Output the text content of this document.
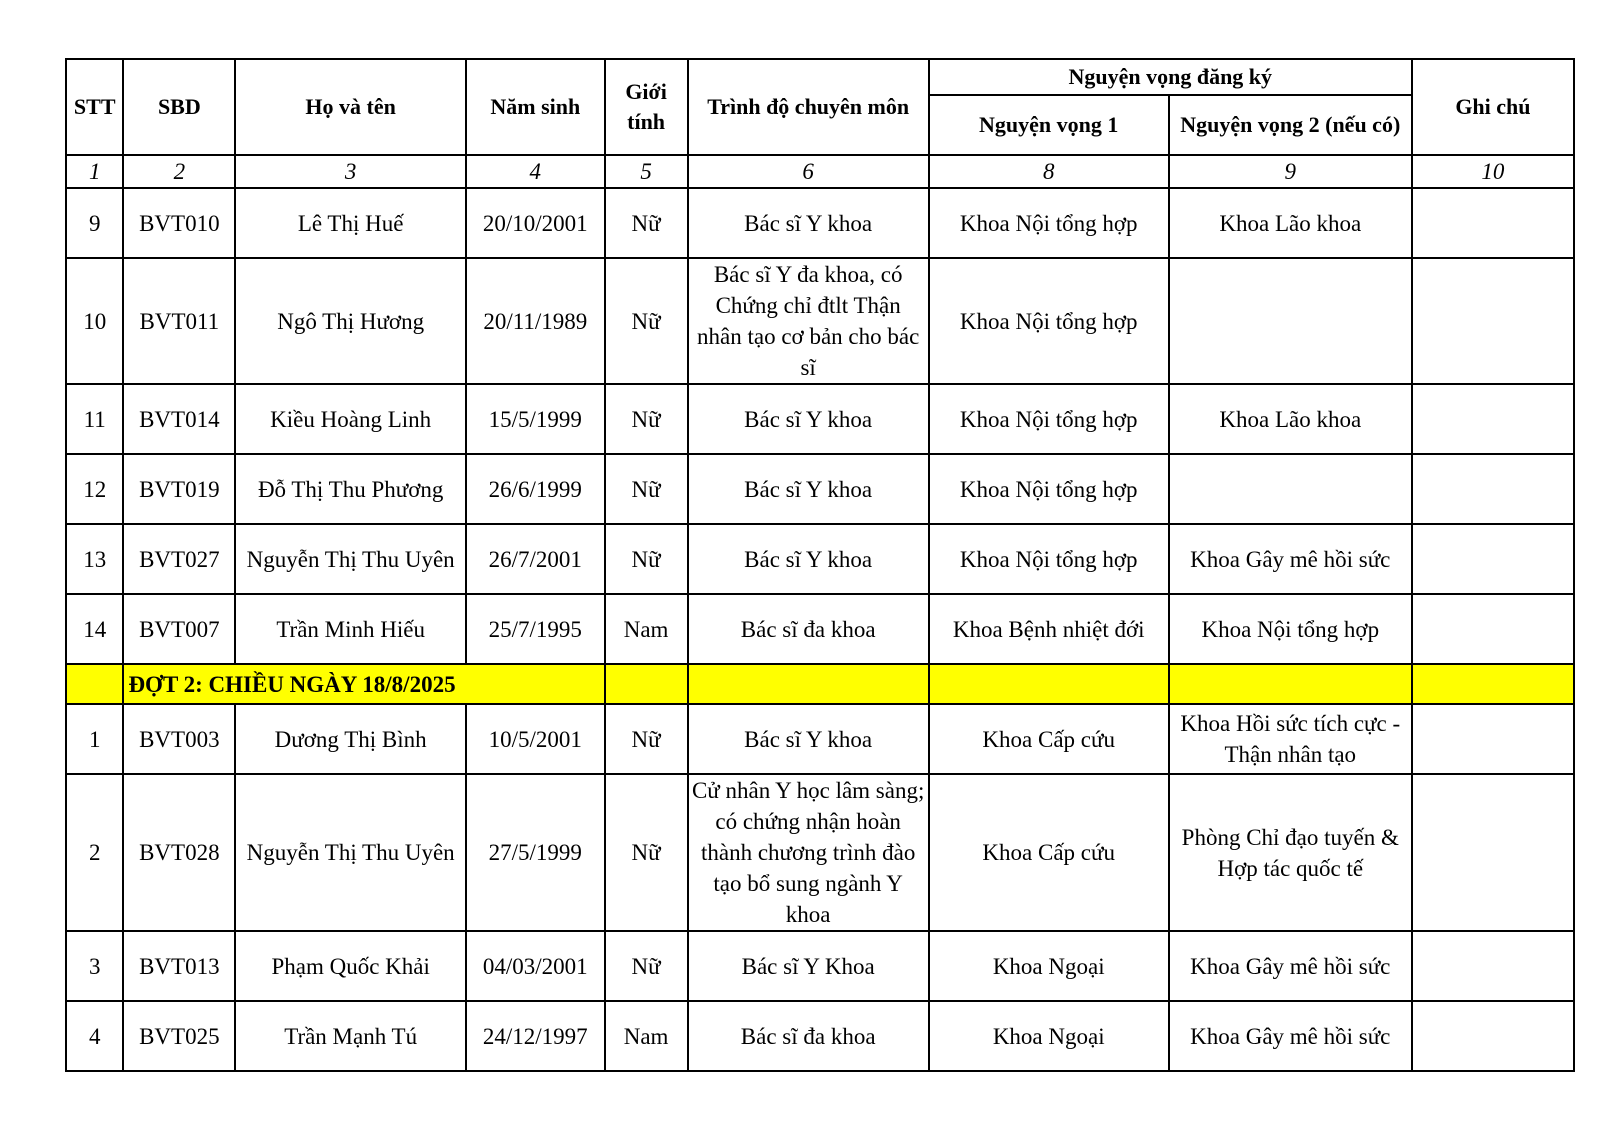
STT	SBD	Họ và tên	Năm sinh	Giới tính	Trình độ chuyên môn	Nguyện vọng đăng ký		Ghi chú
						Nguyện vọng 1	Nguyện vọng 2 (nếu có)	
1	2	3	4	5	6	8	9	10
9	BVT010	Lê Thị Huế	20/10/2001	Nữ	Bác sĩ Y khoa	Khoa Nội tổng hợp	Khoa Lão khoa	
10	BVT011	Ngô Thị Hương	20/11/1989	Nữ	Bác sĩ Y đa khoa, có Chứng chỉ đtlt Thận nhân tạo cơ bản cho bác sĩ	Khoa Nội tổng hợp		
11	BVT014	Kiều Hoàng Linh	15/5/1999	Nữ	Bác sĩ Y khoa	Khoa Nội tổng hợp	Khoa Lão khoa	
12	BVT019	Đỗ Thị Thu Phương	26/6/1999	Nữ	Bác sĩ Y khoa	Khoa Nội tổng hợp		
13	BVT027	Nguyễn Thị Thu Uyên	26/7/2001	Nữ	Bác sĩ Y khoa	Khoa Nội tổng hợp	Khoa Gây mê hồi sức	
14	BVT007	Trần Minh Hiếu	25/7/1995	Nam	Bác sĩ đa khoa	Khoa Bệnh nhiệt đới	Khoa Nội tổng hợp	
	ĐỢT 2: CHIỀU NGÀY 18/8/2025							
1	BVT003	Dương Thị Bình	10/5/2001	Nữ	Bác sĩ Y khoa	Khoa Cấp cứu	Khoa Hồi sức tích cực - Thận nhân tạo	
2	BVT028	Nguyễn Thị Thu Uyên	27/5/1999	Nữ	Cử nhân Y học lâm sàng; có chứng nhận hoàn thành chương trình đào tạo bổ sung ngành Y khoa	Khoa Cấp cứu	Phòng Chỉ đạo tuyến & Hợp tác quốc tế	
3	BVT013	Phạm Quốc Khải	04/03/2001	Nữ	Bác sĩ Y Khoa	Khoa Ngoại	Khoa Gây mê hồi sức	
4	BVT025	Trần Mạnh Tú	24/12/1997	Nam	Bác sĩ đa khoa	Khoa Ngoại	Khoa Gây mê hồi sức	
